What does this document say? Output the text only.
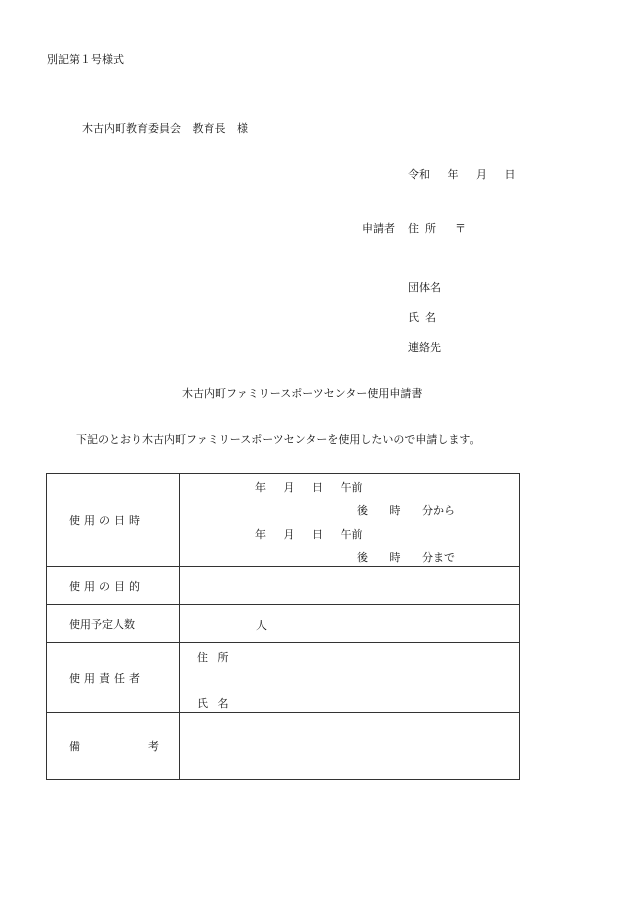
別記第１号様式
木古内町教育委員会 教育長 様
令和 年 月 日
申請者 住所 〒
団体名
氏名
連絡先
木古内町ファミリースポーツセンター使用申請書
下記のとおり木古内町ファミリースポーツセンターを使用したいので申請します。
使用の日時	年 月 日 午前
後 時 分から
年 月 日 午前
後 時 分まで

使用の目的	
使用予定人数	人

使用責任者	住 所
氏 名

備 考	
